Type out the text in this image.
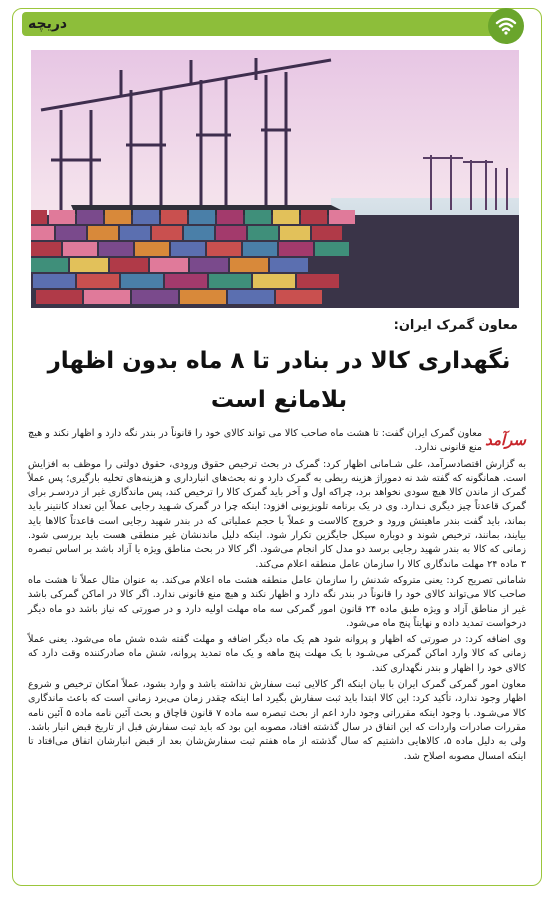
دریچه
معاون گمرک ایران:
نگهداری کالا در بنادر تا ۸ ماه بدون اظهار بلامانع است

سرآمد
معاون گمرک ایران گفت: تا هشت ماه صاحب کالا می تواند کالای خود را قانوناً در بندر نگه دارد و اظهار نکند و هیچ منع قانونی ندارد.

به گزارش اقتصادسرآمد، علی شـامانی اظهار کرد: گمرک در بحث ترخیص حقوق ورودی، حقوق دولتی را موظف به افزایش است. همانگونه که گفته شد نه دموراژ هزینه ربطی به گمرک دارد و نه بحث‌های انبارداری و هزینه‌های تخلیه بارگیری؛ پس عملاً گمرک از ماندن کالا هیچ سودی نخواهد برد، چراکه اول و آخر باید گمرک کالا را ترخیص کند، پس ماندگاری غیر از دردسـر برای گمرک قاعدتاً چیز دیگری نـدارد. وی در یک برنامه تلویزیونی افزود: اینکه چرا در گمرک شـهید رجایی عملاً این تعداد کانتینر باید بماند، باید گفت بندر ماهیتش ورود و خروج کالاست و عملاً با حجم عملیاتی که در بندر شهید رجایی است قاعدتاً کالاها باید بیایند، بمانند، ترخیص شوند و دوباره سیکل جایگزین تکرار شود. اینکه دلیل ماندنشان غیر منطقی هست باید بررسی شود. زمانی که کالا به بندر شهید رجایی برسد دو مدل کار انجام می‌شود. اگر کالا در بحث مناطق ویژه یا آزاد باشد بر اساس تبصره ۳ ماده ۲۴ مهلت ماندگاری کالا را سازمان عامل منطقه اعلام می‌کند.

شامانی تصریح کرد: یعنی متروکه شدنش را سازمان عامل منطقه هشت ماه اعلام می‌کند. به عنوان مثال عملاً تا هشت ماه صاحب کالا می‌تواند کالای خود را قانوناً در بندر نگه دارد و اظهار نکند و هیچ منع قانونی ندارد. اگر کالا در اماکن گمرکی باشد غیر از مناطق آزاد و ویژه طبق ماده ۲۴ قانون امور گمرکی سه ماه مهلت اولیه دارد و در صورتی که نیاز باشد دو ماه دیگر درخواست تمدید داده و نهایتاً پنج ماه می‌شود.

وی اضافه کرد: در صورتی که اظهار و پروانه شود هم یک ماه دیگر اضافه و مهلت گفته شده شش ماه می‌شود. یعنی عملاً زمانی که کالا وارد اماکن گمرکی می‌شـود با یک مهلت پنج ماهه و یک ماه تمدید پروانه، شش ماه صادرکننده وقت دارد که کالای خود را اظهار و بندر نگهداری کند.

معاون امور گمرکی گمرک ایران با بیان اینکه اگر کالایی ثبت سفارش نداشته باشد و وارد بشود، عملاً امکان ترخیص و شروع اظهار وجود ندارد، تأکید کرد: این کالا ابتدا باید ثبت سفارش بگیرد اما اینکه چقدر زمان می‌برد زمانی است که باعث ماندگاری کالا می‌شـود. با وجود اینکه مقرراتی وجود دارد اعم از بحث تبصره سه ماده ۷ قانون قاچاق و بحث آئین نامه ماده ۵ آئین نامه مقررات صادرات واردات که این اتفاق در سال گذشته افتاد، مصوبه این بود که باید ثبت سفارش قبل از تاریخ قبض انبار باشد. ولی به دلیل ماده ۵، کالاهایی داشتیم که سال گذشته از ماه هفتم ثبت سفارش‌شان بعد از قبض انبارشان اتفاق می‌افتاد تا اینکه امسال مصوبه اصلاح شد.
